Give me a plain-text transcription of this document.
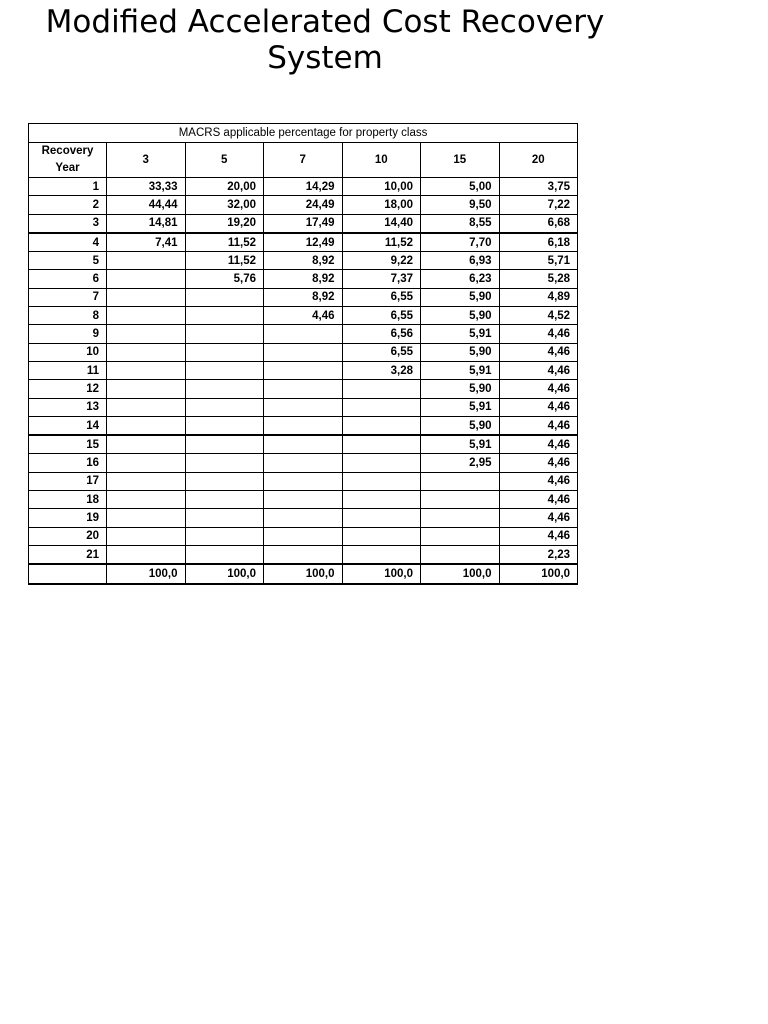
Modified Accelerated Cost Recovery System
MACRS applicable percentage for property class						
Recovery Year	3	5	7	10	15	20
1	33,33	20,00	14,29	10,00	5,00	3,75
2	44,44	32,00	24,49	18,00	9,50	7,22
3	14,81	19,20	17,49	14,40	8,55	6,68
4	7,41	11,52	12,49	11,52	7,70	6,18
5		11,52	8,92	9,22	6,93	5,71
6		5,76	8,92	7,37	6,23	5,28
7			8,92	6,55	5,90	4,89
8			4,46	6,55	5,90	4,52
9				6,56	5,91	4,46
10				6,55	5,90	4,46
11				3,28	5,91	4,46
12					5,90	4,46
13					5,91	4,46
14					5,90	4,46
15					5,91	4,46
16					2,95	4,46
17						4,46
18						4,46
19						4,46
20						4,46
21						2,23
	100,0	100,0	100,0	100,0	100,0	100,0
